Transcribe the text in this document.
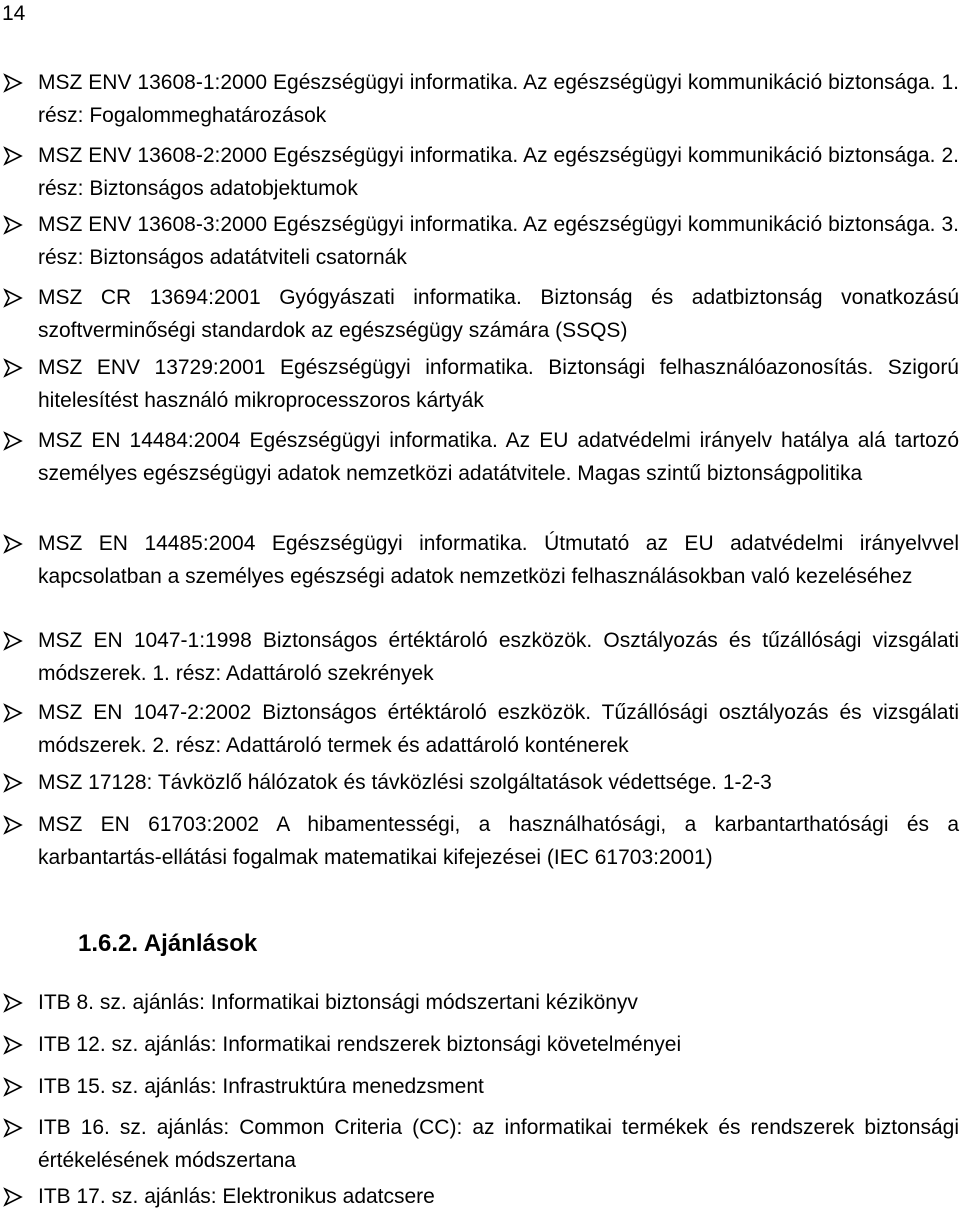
14
MSZ ENV 13608-1:2000 Egészségügyi informatika. Az egészségügyi kommunikáció biztonsága. 1. rész: Fogalommeghatározások
MSZ ENV 13608-2:2000 Egészségügyi informatika. Az egészségügyi kommunikáció biztonsága. 2. rész: Biztonságos adatobjektumok
MSZ ENV 13608-3:2000 Egészségügyi informatika. Az egészségügyi kommunikáció biztonsága. 3. rész: Biztonságos adatátviteli csatornák
MSZ CR 13694:2001 Gyógyászati informatika. Biztonság és adatbiztonság vonatkozású szoftverminőségi standardok az egészségügy számára (SSQS)
MSZ ENV 13729:2001 Egészségügyi informatika. Biztonsági felhasználóazonosítás. Szigorú hitelesítést használó mikroprocesszoros kártyák
MSZ EN 14484:2004 Egészségügyi informatika. Az EU adatvédelmi irányelv hatálya alá tartozó személyes egészségügyi adatok nemzetközi adatátvitele. Magas szintű biztonságpolitika
MSZ EN 14485:2004 Egészségügyi informatika. Útmutató az EU adatvédelmi irányelvvel kapcsolatban a személyes egészségi adatok nemzetközi felhasználásokban való kezeléséhez
MSZ EN 1047-1:1998 Biztonságos értéktároló eszközök. Osztályozás és tűzállósági vizsgálati módszerek. 1. rész: Adattároló szekrények
MSZ EN 1047-2:2002 Biztonságos értéktároló eszközök. Tűzállósági osztályozás és vizsgálati módszerek. 2. rész: Adattároló termek és adattároló konténerek
MSZ 17128: Távközlő hálózatok és távközlési szolgáltatások védettsége. 1-2-3
MSZ EN 61703:2002 A hibamentességi, a használhatósági, a karbantarthatósági és a karbantartás-ellátási fogalmak matematikai kifejezései (IEC 61703:2001)
1.6.2. Ajánlások
ITB 8. sz. ajánlás: Informatikai biztonsági módszertani kézikönyv
ITB 12. sz. ajánlás: Informatikai rendszerek biztonsági követelményei
ITB 15. sz. ajánlás: Infrastruktúra menedzsment
ITB 16. sz. ajánlás: Common Criteria (CC): az informatikai termékek és rendszerek biztonsági értékelésének módszertana
ITB 17. sz. ajánlás: Elektronikus adatcsere
